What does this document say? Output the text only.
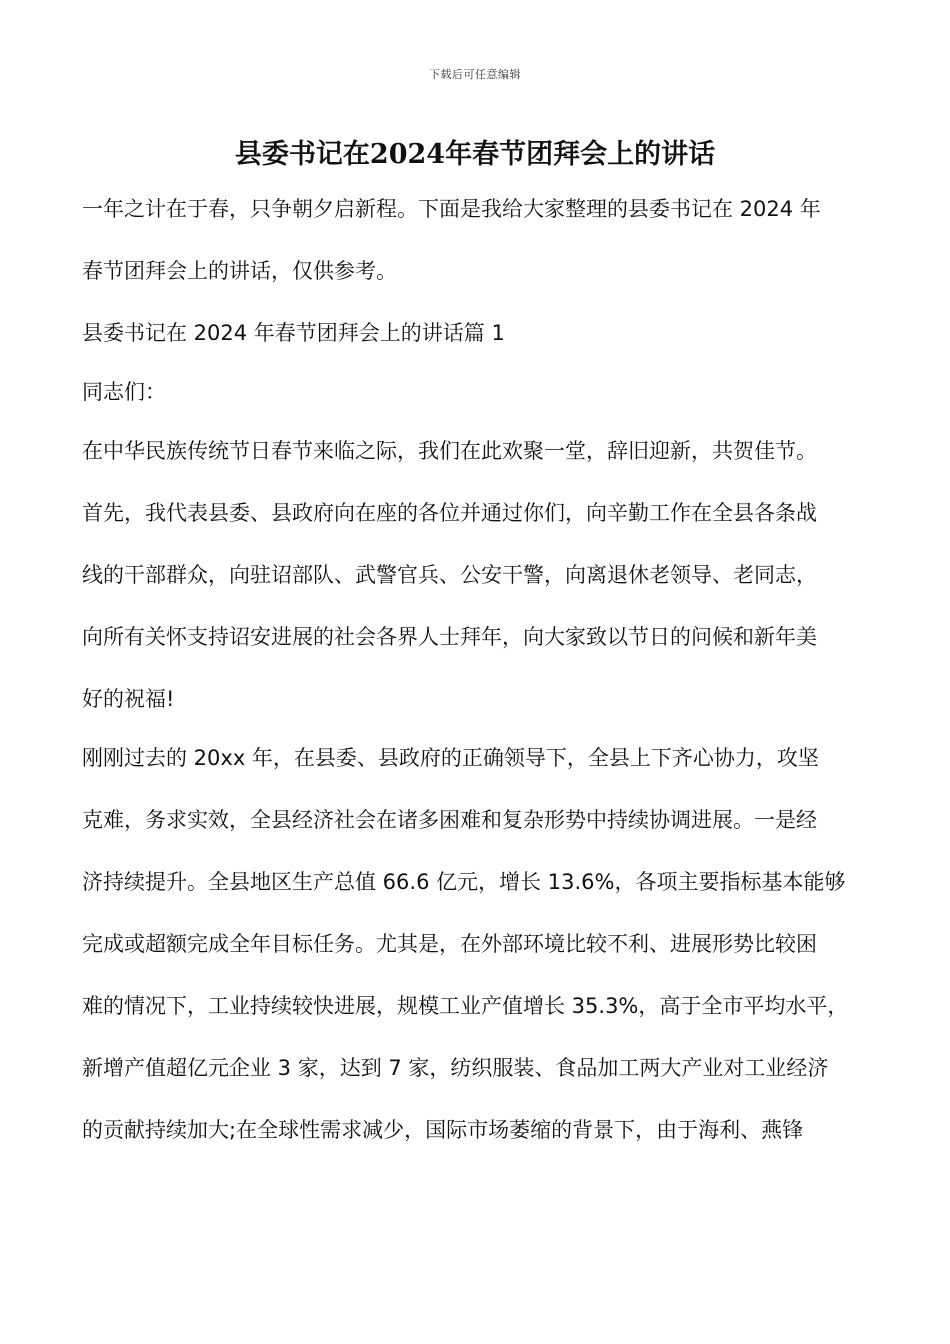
下载后可任意编辑
县委书记在2024年春节团拜会上的讲话
一年之计在于春，只争朝夕启新程。下面是我给大家整理的县委书记在 2024 年
春节团拜会上的讲话，仅供参考。
县委书记在 2024 年春节团拜会上的讲话篇 1
同志们：
在中华民族传统节日春节来临之际，我们在此欢聚一堂，辞旧迎新，共贺佳节。
首先，我代表县委、县政府向在座的各位并通过你们，向辛勤工作在全县各条战
线的干部群众，向驻诏部队、武警官兵、公安干警，向离退休老领导、老同志，
向所有关怀支持诏安进展的社会各界人士拜年，向大家致以节日的问候和新年美
好的祝福!
刚刚过去的 20xx 年，在县委、县政府的正确领导下，全县上下齐心协力，攻坚
克难，务求实效，全县经济社会在诸多困难和复杂形势中持续协调进展。一是经
济持续提升。全县地区生产总值 66.6 亿元，增长 13.6%，各项主要指标基本能够
完成或超额完成全年目标任务。尤其是，在外部环境比较不利、进展形势比较困
难的情况下，工业持续较快进展，规模工业产值增长 35.3%，高于全市平均水平，
新增产值超亿元企业 3 家，达到 7 家，纺织服装、食品加工两大产业对工业经济
的贡献持续加大;在全球性需求减少，国际市场萎缩的背景下，由于海利、燕锋
